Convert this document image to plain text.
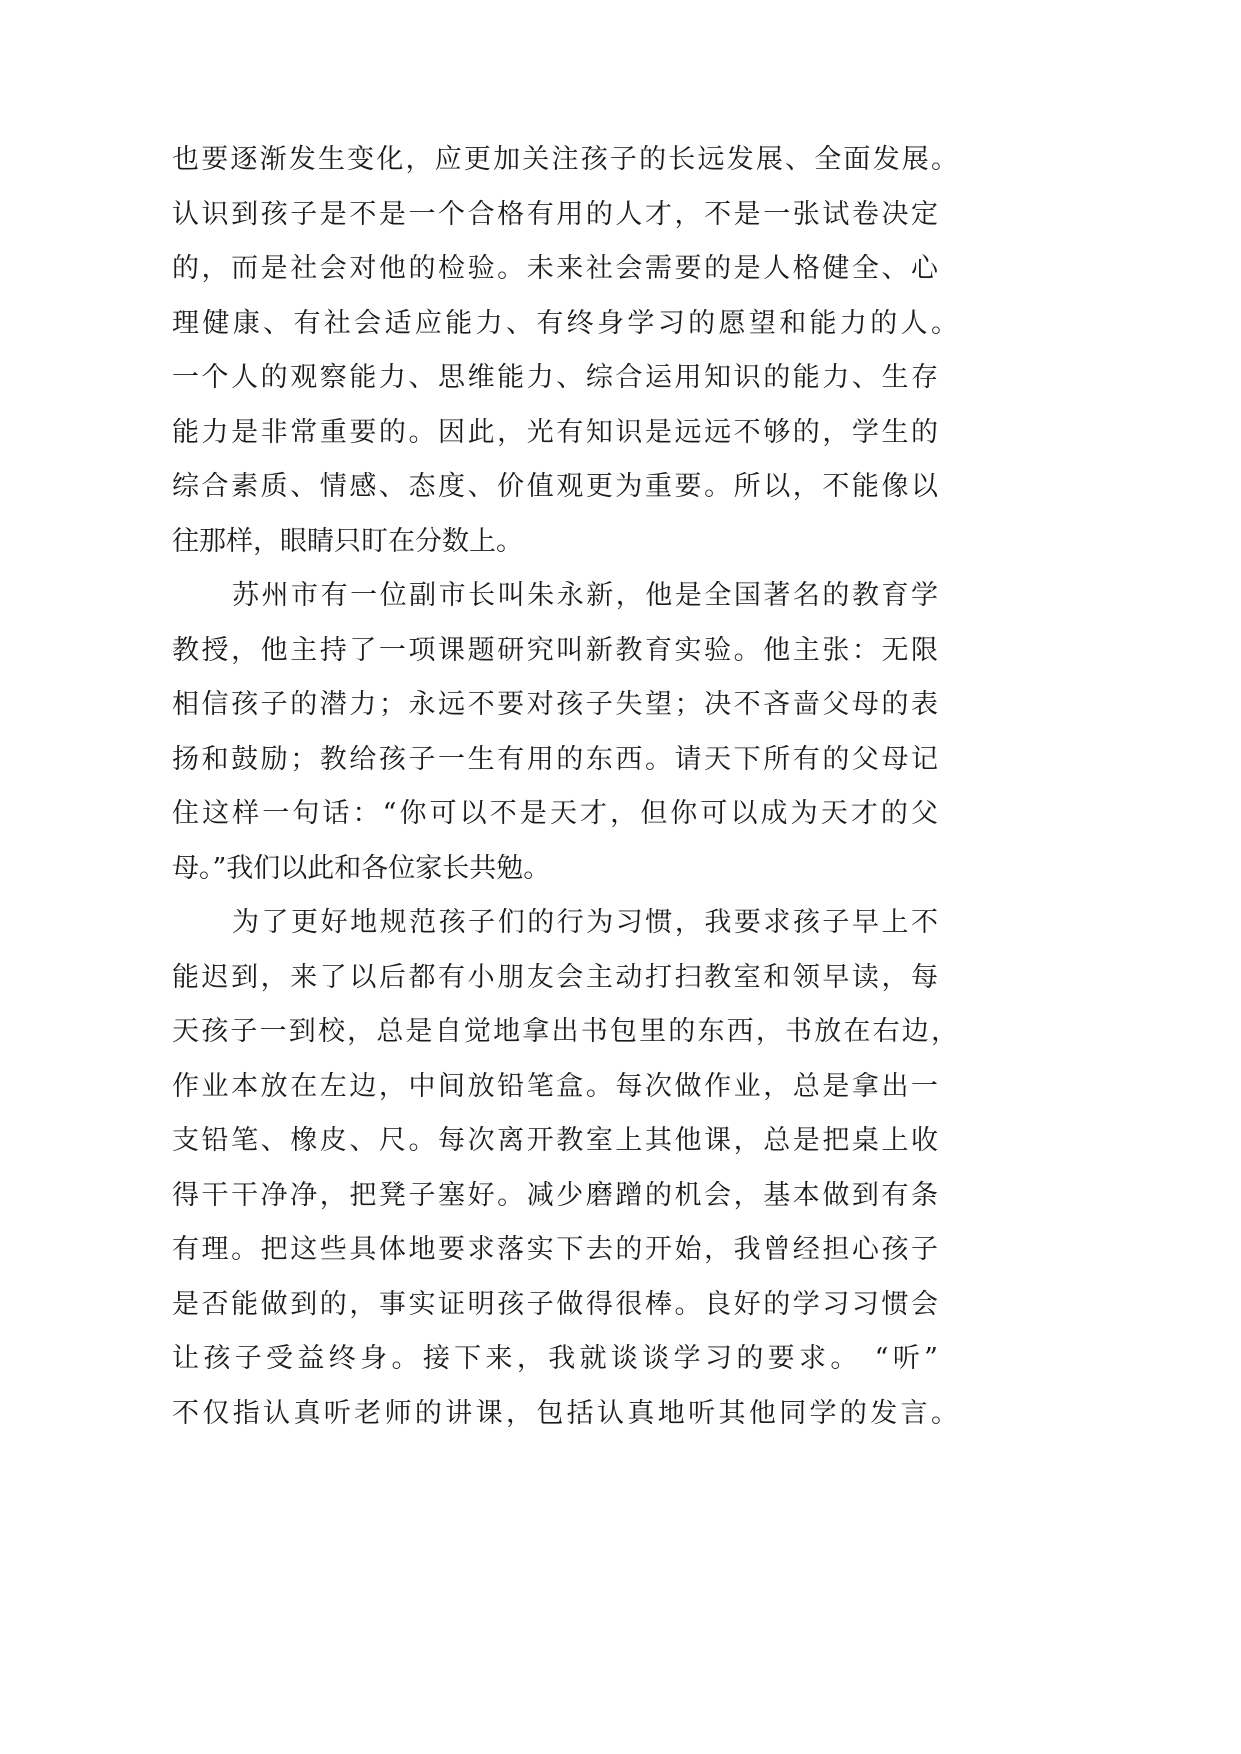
也要逐渐发生变化，应更加关注孩子的长远发展、全面发展。
认识到孩子是不是一个合格有用的人才，不是一张试卷决定
的，而是社会对他的检验。未来社会需要的是人格健全、心
理健康、有社会适应能力、有终身学习的愿望和能力的人。
一个人的观察能力、思维能力、综合运用知识的能力、生存
能力是非常重要的。因此，光有知识是远远不够的，学生的
综合素质、情感、态度、价值观更为重要。所以，不能像以
往那样，眼睛只盯在分数上。
苏州市有一位副市长叫朱永新，他是全国著名的教育学
教授，他主持了一项课题研究叫新教育实验。他主张：无限
相信孩子的潜力；永远不要对孩子失望；决不吝啬父母的表
扬和鼓励；教给孩子一生有用的东西。请天下所有的父母记
住这样一句话：“你可以不是天才，但你可以成为天才的父
母。”我们以此和各位家长共勉。
为了更好地规范孩子们的行为习惯，我要求孩子早上不
能迟到，来了以后都有小朋友会主动打扫教室和领早读，每
天孩子一到校，总是自觉地拿出书包里的东西，书放在右边，
作业本放在左边，中间放铅笔盒。每次做作业，总是拿出一
支铅笔、橡皮、尺。每次离开教室上其他课，总是把桌上收
得干干净净，把凳子塞好。减少磨蹭的机会，基本做到有条
有理。把这些具体地要求落实下去的开始，我曾经担心孩子
是否能做到的，事实证明孩子做得很棒。良好的学习习惯会
让孩子受益终身。接下来，我就谈谈学习的要求。 “听”
不仅指认真听老师的讲课，包括认真地听其他同学的发言。
